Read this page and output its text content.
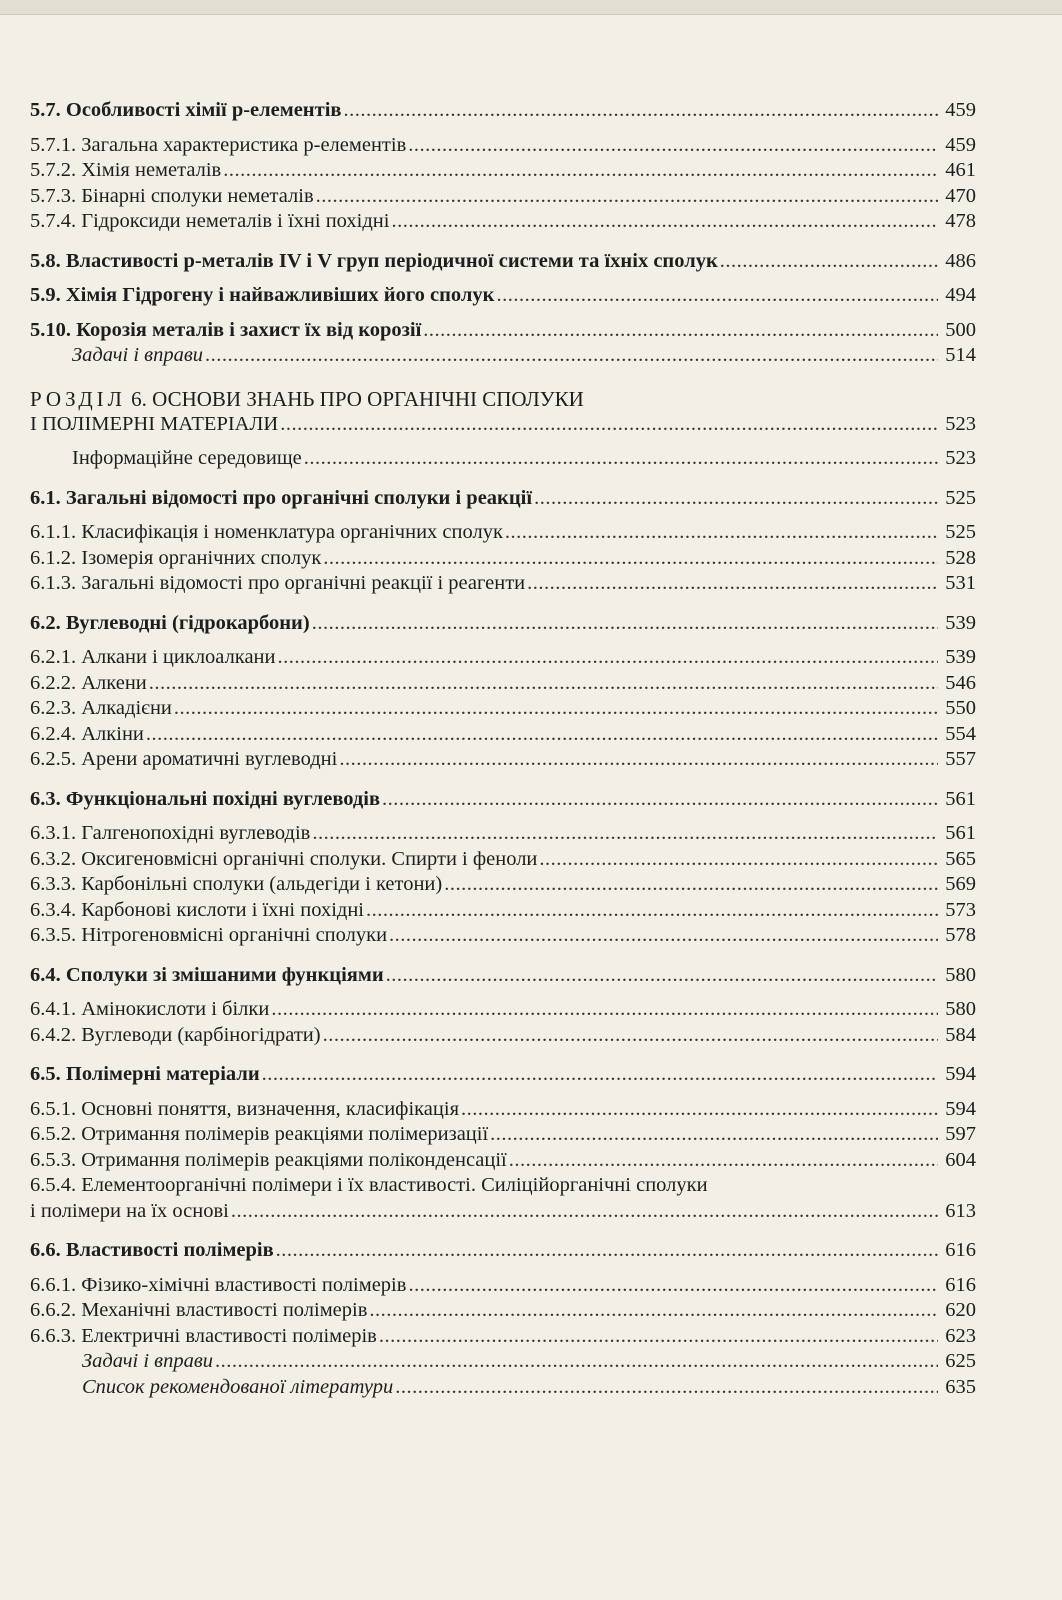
5.7. Особливості хімії p-елементів .....	459
5.7.1. Загальна характеристика p-елементів .....	459
5.7.2. Хімія неметалів .....	461
5.7.3. Бінарні сполуки неметалів .....	470
5.7.4. Гідроксиди неметалів і їхні похідні .....	478
5.8. Властивості p-металів IV і V груп періодичної системи та їхніх сполук .....	486
5.9. Хімія Гідрогену і найважливіших його сполук .....	494
5.10. Корозія металів і захист їх від корозії .....	500
Задачі і вправи .....	514
РОЗДІЛ 6. ОСНОВИ ЗНАНЬ ПРО ОРГАНІЧНІ СПОЛУКИ
І ПОЛІМЕРНІ МАТЕРІАЛИ .....	523
Інформаційне середовище .....	523
6.1. Загальні відомості про органічні сполуки і реакції .....	525
6.1.1. Класифікація і номенклатура органічних сполук .....	525
6.1.2. Ізомерія органічних сполук .....	528
6.1.3. Загальні відомості про органічні реакції і реагенти .....	531
6.2. Вуглеводні (гідрокарбони) .....	539
6.2.1. Алкани і циклоалкани .....	539
6.2.2. Алкени .....	546
6.2.3. Алкадієни .....	550
6.2.4. Алкіни .....	554
6.2.5. Арени ароматичні вуглеводні .....	557
6.3. Функціональні похідні вуглеводів .....	561
6.3.1. Галгенопохідні вуглеводів .....	561
6.3.2. Оксигеновмісні органічні сполуки. Спирти і феноли .....	565
6.3.3. Карбонільні сполуки (альдегіди і кетони) .....	569
6.3.4. Карбонові кислоти і їхні похідні .....	573
6.3.5. Нітрогеновмісні органічні сполуки .....	578
6.4. Сполуки зі змішаними функціями .....	580
6.4.1. Амінокислоти і білки .....	580
6.4.2. Вуглеводи (карбіногідрати) .....	584
6.5. Полімерні матеріали .....	594
6.5.1. Основні поняття, визначення, класифікація .....	594
6.5.2. Отримання полімерів реакціями полімеризації .....	597
6.5.3. Отримання полімерів реакціями поліконденсації .....	604
6.5.4. Елементоорганічні полімери і їх властивості. Силіційорганічні сполуки
і полімери на їх основі .....	613
6.6. Властивості полімерів .....	616
6.6.1. Фізико-хімічні властивості полімерів .....	616
6.6.2. Механічні властивості полімерів .....	620
6.6.3. Електричні властивості полімерів .....	623
Задачі і вправи .....	625
Список рекомендованої літератури .....	635
